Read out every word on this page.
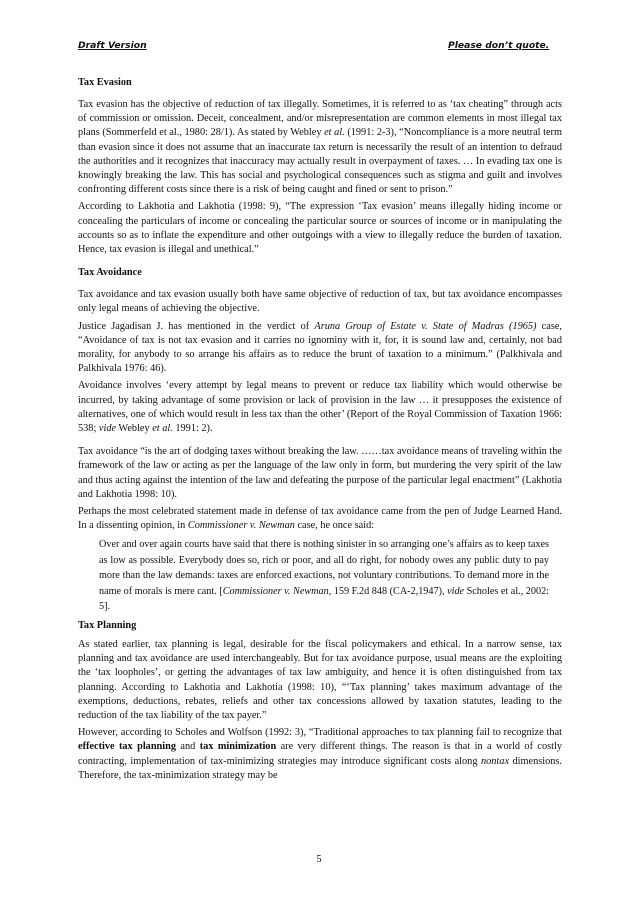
Draft Version	Please don’t quote.
Tax Evasion

Tax evasion has the objective of reduction of tax illegally. Sometimes, it is referred to as ‘tax cheating” through acts of commission or omission. Deceit, concealment, and/or misrepresentation are common elements in most illegal tax plans (Sommerfeld et al., 1980: 28/1). As stated by Webley et al. (1991: 2-3), “Noncompliance is a more neutral term than evasion since it does not assume that an inaccurate tax return is necessarily the result of an intention to defraud the authorities and it recognizes that inaccuracy may actually result in overpayment of taxes. … In evading tax one is knowingly breaking the law. This has social and psychological consequences such as stigma and guilt and involves confronting different costs since there is a risk of being caught and fined or sent to prison.”

According to Lakhotia and Lakhotia (1998: 9), “The expression ‘Tax evasion’ means illegally hiding income or concealing the particulars of income or concealing the particular source or sources of income or in manipulating the accounts so as to inflate the expenditure and other outgoings with a view to illegally reduce the burden of taxation. Hence, tax evasion is illegal and unethical.”

Tax Avoidance

Tax avoidance and tax evasion usually both have same objective of reduction of tax, but tax avoidance encompasses only legal means of achieving the objective.

Justice Jagadisan J. has mentioned in the verdict of Aruna Group of Estate v. State of Madras (1965) case, “Avoidance of tax is not tax evasion and it carries no ignominy with it, for, it is sound law and, certainly, not bad morality, for anybody to so arrange his affairs as to reduce the brunt of taxation to a minimum.” (Palkhivala and Palkhivala 1976: 46).

Avoidance involves ‘every attempt by legal means to prevent or reduce tax liability which would otherwise be incurred, by taking advantage of some provision or lack of provision in the law … it presupposes the existence of alternatives, one of which would result in less tax than the other’ (Report of the Royal Commission of Taxation 1966: 538; vide Webley et al. 1991: 2).

Tax avoidance “is the art of dodging taxes without breaking the law. ……tax avoidance means of traveling within the framework of the law or acting as per the language of the law only in form, but murdering the very spirit of the law and thus acting against the intention of the law and defeating the purpose of the particular legal enactment” (Lakhotia and Lakhotia 1998: 10).

Perhaps the most celebrated statement made in defense of tax avoidance came from the pen of Judge Learned Hand. In a dissenting opinion, in Commissioner v. Newman case, he once said:

Over and over again courts have said that there is nothing sinister in so arranging one’s affairs as to keep taxes as low as possible. Everybody does so, rich or poor, and all do right, for nobody owes any public duty to pay more than the law demands: taxes are enforced exactions, not voluntary contributions. To demand more in the name of morals is mere cant. [Commissioner v. Newman, 159 F.2d 848 (CA-2,1947), vide Scholes et al., 2002: 5].

Tax Planning

As stated earlier, tax planning is legal, desirable for the fiscal policymakers and ethical. In a narrow sense, tax planning and tax avoidance are used interchangeably. But for tax avoidance purpose, usual means are the exploiting the ‘tax loopholes’, or getting the advantages of tax law ambiguity, and hence it is often distinguished from tax planning. According to Lakhotia and Lakhotia (1998: 10), “‘Tax planning’ takes maximum advantage of the exemptions, deductions, rebates, reliefs and other tax concessions allowed by taxation statutes, leading to the reduction of the tax liability of the tax payer.”

However, according to Scholes and Wolfson (1992: 3), “Traditional approaches to tax planning fail to recognize that effective tax planning and tax minimization are very different things. The reason is that in a world of costly contracting, implementation of tax-minimizing strategies may introduce significant costs along nontax dimensions. Therefore, the tax-minimization strategy may be

5
